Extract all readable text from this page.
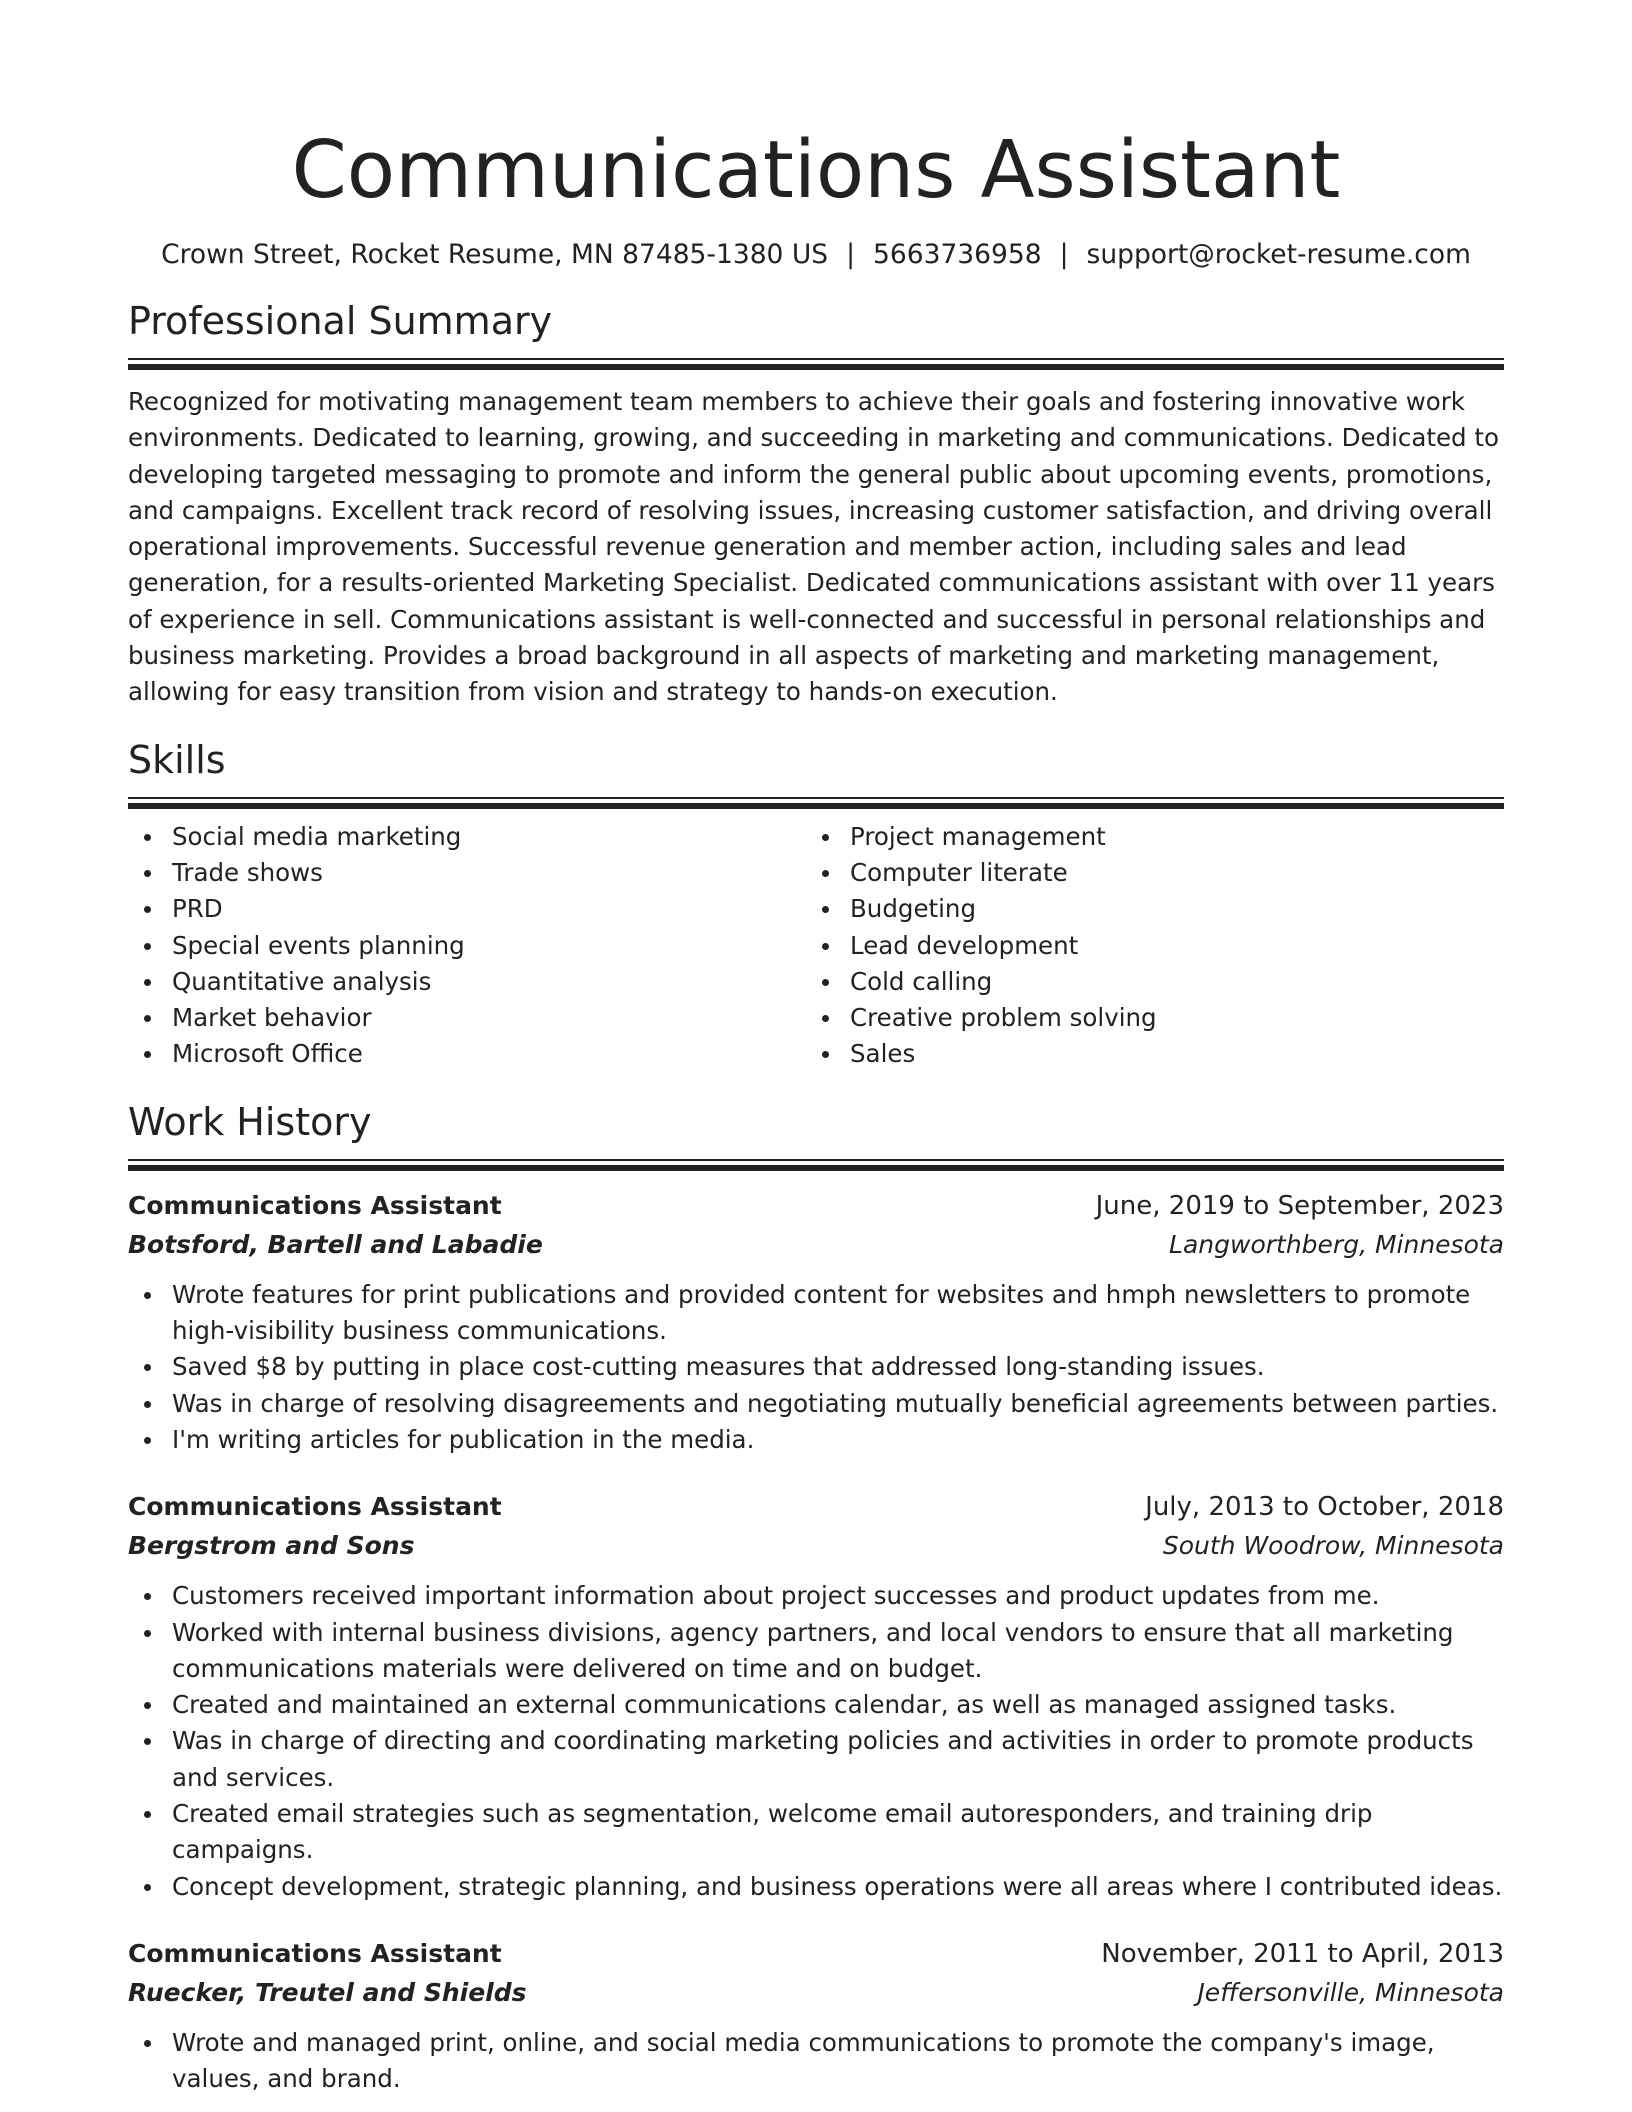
Communications Assistant
Crown Street, Rocket Resume, MN 87485-1380 US | 5663736958 | support@rocket-resume.com
Professional Summary
Recognized for motivating management team members to achieve their goals and fostering innovative work environments. Dedicated to learning, growing, and succeeding in marketing and communications. Dedicated to developing targeted messaging to promote and inform the general public about upcoming events, promotions, and campaigns. Excellent track record of resolving issues, increasing customer satisfaction, and driving overall operational improvements. Successful revenue generation and member action, including sales and lead generation, for a results-oriented Marketing Specialist. Dedicated communications assistant with over 11 years of experience in sell. Communications assistant is well-connected and successful in personal relationships and business marketing. Provides a broad background in all aspects of marketing and marketing management, allowing for easy transition from vision and strategy to hands-on execution.
Skills
Social media marketing
Trade shows
PRD
Special events planning
Quantitative analysis
Market behavior
Microsoft Office
Project management
Computer literate
Budgeting
Lead development
Cold calling
Creative problem solving
Sales
Work History
Communications Assistant	June, 2019 to September, 2023
Botsford, Bartell and Labadie	Langworthberg, Minnesota
Wrote features for print publications and provided content for websites and hmph newsletters to promote high-visibility business communications.
Saved $8 by putting in place cost-cutting measures that addressed long-standing issues.
Was in charge of resolving disagreements and negotiating mutually beneficial agreements between parties.
I'm writing articles for publication in the media.
Communications Assistant	July, 2013 to October, 2018
Bergstrom and Sons	South Woodrow, Minnesota
Customers received important information about project successes and product updates from me.
Worked with internal business divisions, agency partners, and local vendors to ensure that all marketing communications materials were delivered on time and on budget.
Created and maintained an external communications calendar, as well as managed assigned tasks.
Was in charge of directing and coordinating marketing policies and activities in order to promote products and services.
Created email strategies such as segmentation, welcome email autoresponders, and training drip campaigns.
Concept development, strategic planning, and business operations were all areas where I contributed ideas.
Communications Assistant	November, 2011 to April, 2013
Ruecker, Treutel and Shields	Jeffersonville, Minnesota
Wrote and managed print, online, and social media communications to promote the company's image, values, and brand.
